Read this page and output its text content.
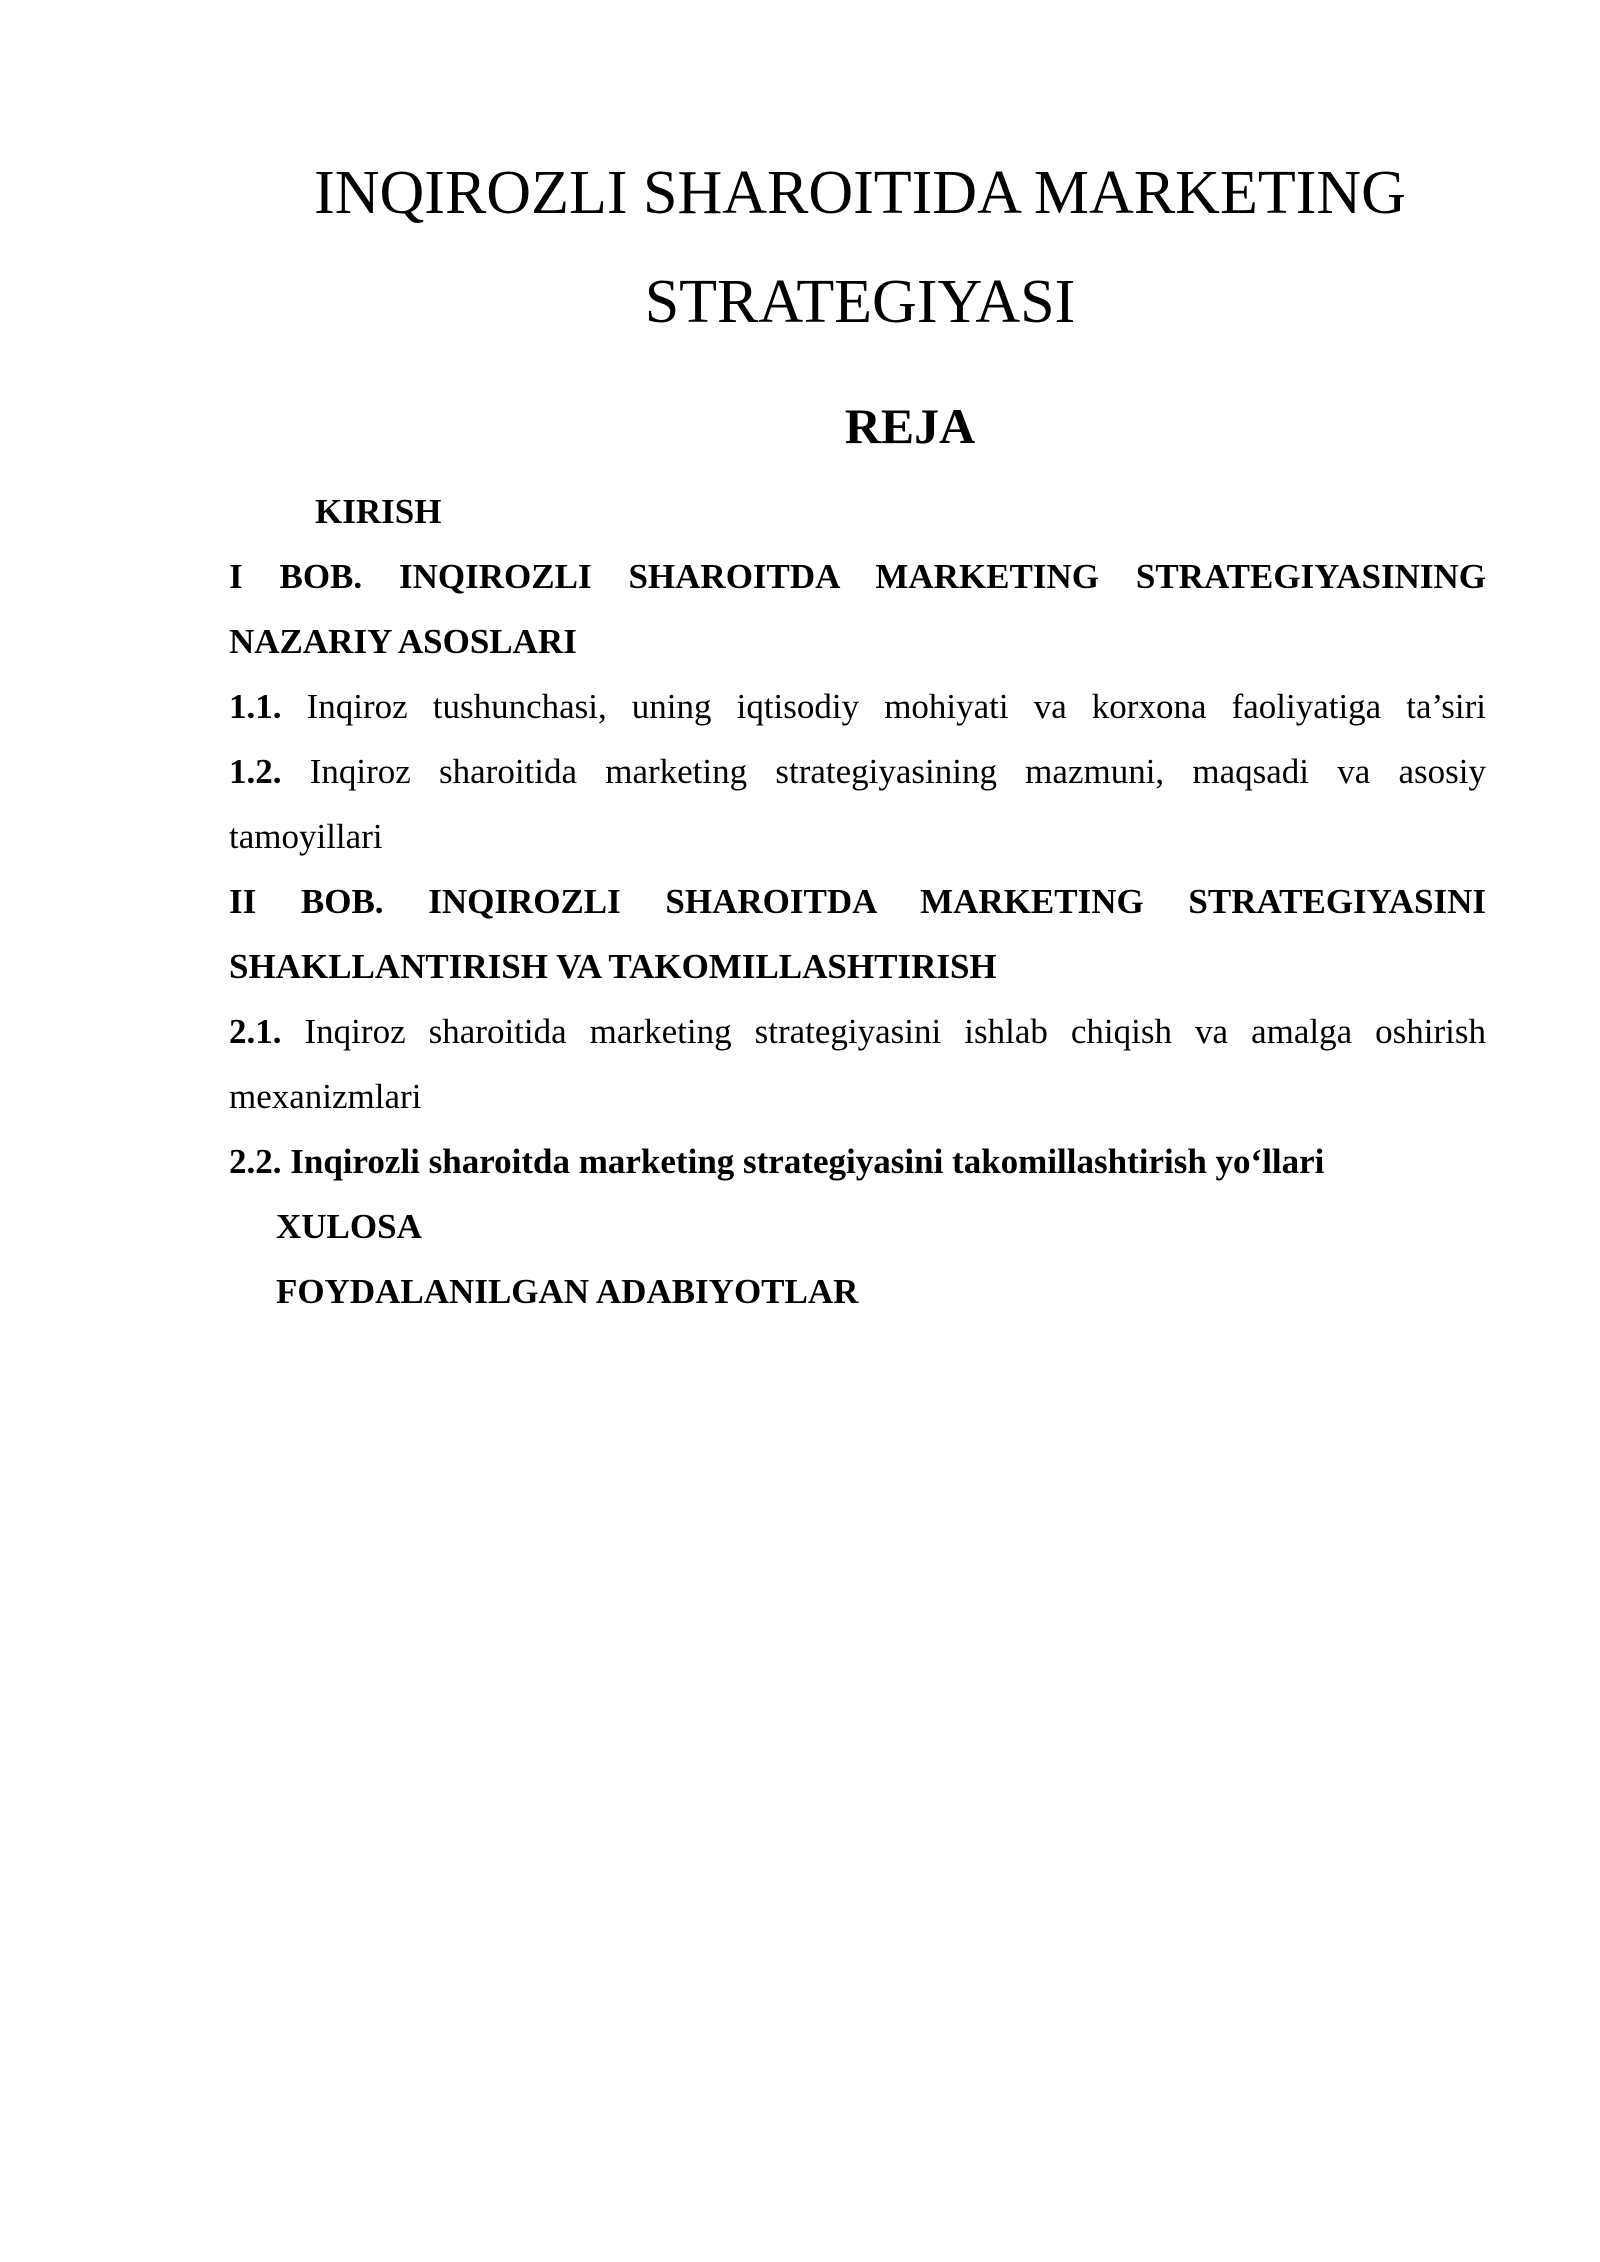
INQIROZLI SHAROITIDA MARKETING
STRATEGIYASI
REJA
KIRISH
I BOB. INQIROZLI SHAROITDA MARKETING STRATEGIYASINING
NAZARIY ASOSLARI
1.1. Inqiroz tushunchasi, uning iqtisodiy mohiyati va korxona faoliyatiga ta’siri
1.2. Inqiroz sharoitida marketing strategiyasining mazmuni, maqsadi va asosiy
tamoyillari
II BOB. INQIROZLI SHAROITDA MARKETING STRATEGIYASINI
SHAKLLANTIRISH VA TAKOMILLASHTIRISH
2.1. Inqiroz sharoitida marketing strategiyasini ishlab chiqish va amalga oshirish
mexanizmlari
2.2. Inqirozli sharoitda marketing strategiyasini takomillashtirish yo‘llari
XULOSA
FOYDALANILGAN ADABIYOTLAR
